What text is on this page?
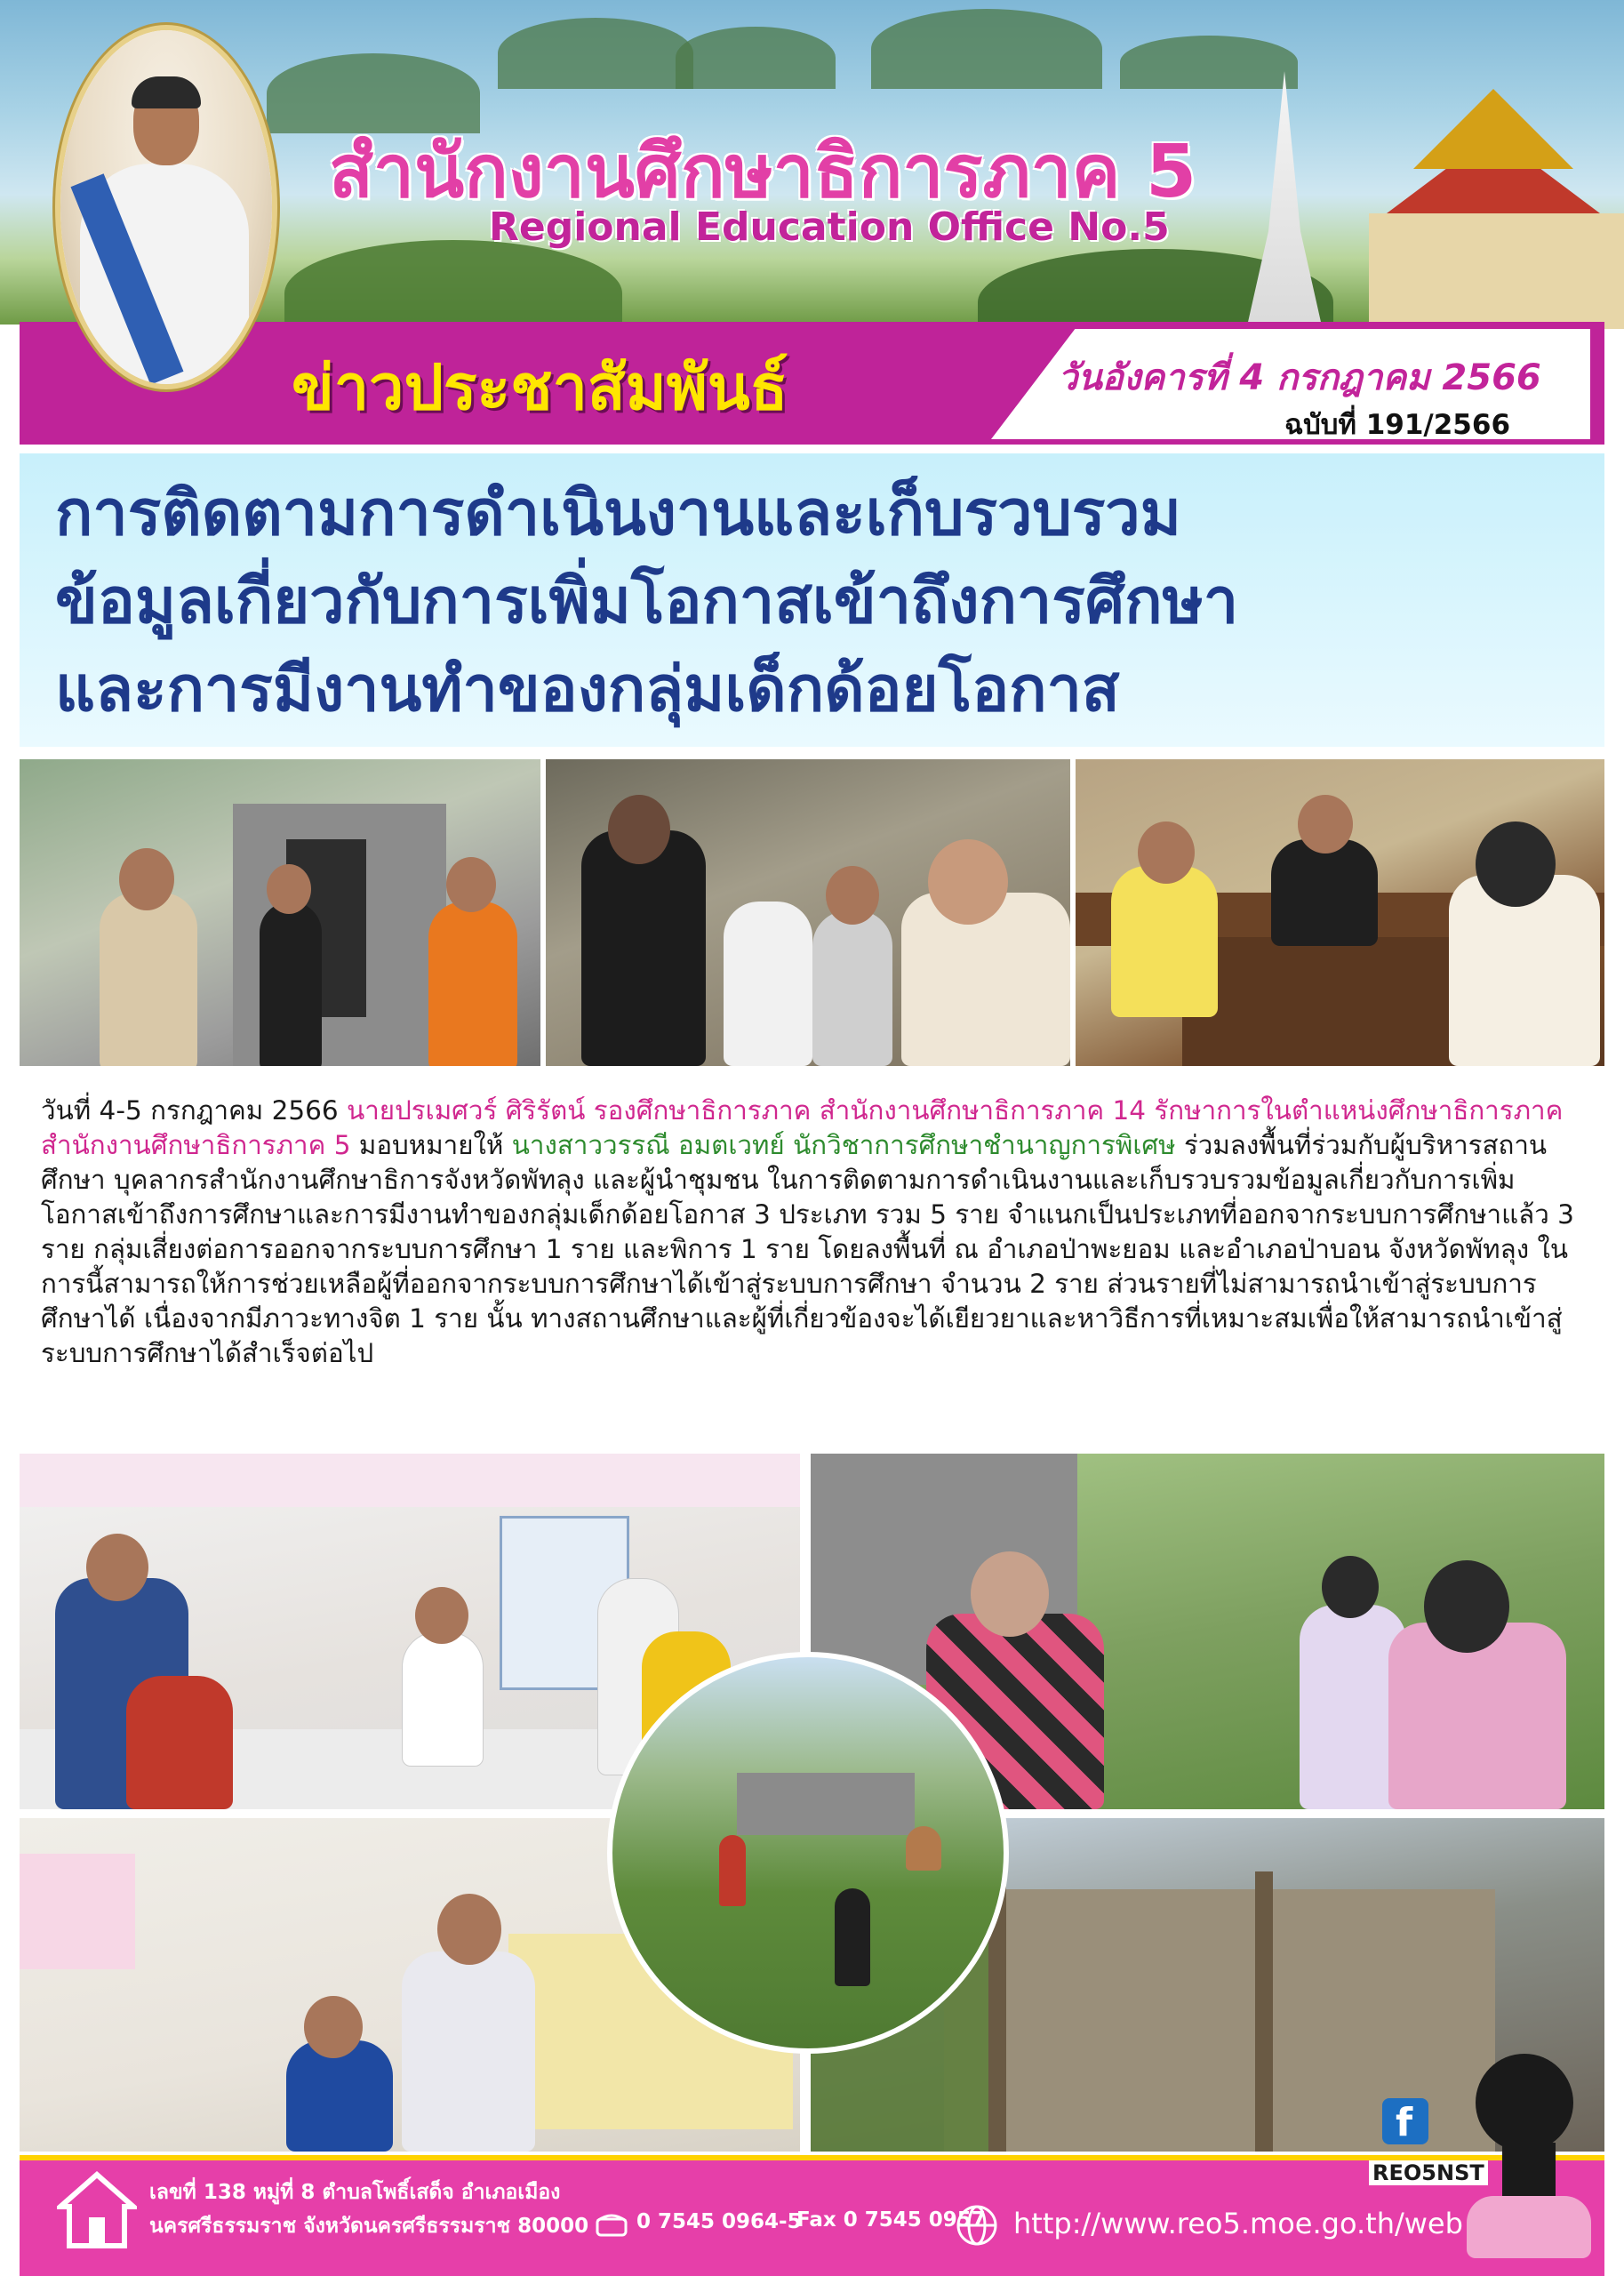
สำนักงานศึกษาธิการภาค 5
Regional Education Office No.5
ข่าวประชาสัมพันธ์	วันอังคารที่ 4 กรกฎาคม 2566
ฉบับที่ 191/2566
การติดตามการดำเนินงานและเก็บรวบรวม
ข้อมูลเกี่ยวกับการเพิ่มโอกาสเข้าถึงการศึกษา
และการมีงานทำของกลุ่มเด็กด้อยโอกาส

วันที่ 4-5 กรกฎาคม 2566 นายปรเมศวร์ ศิริรัตน์ รองศึกษาธิการภาค สำนักงานศึกษาธิการภาค 14 รักษาการในตำแหน่งศึกษาธิการภาค สำนักงานศึกษาธิการภาค 5 มอบหมายให้ นางสาววรรณี อมตเวทย์ นักวิชาการศึกษาชำนาญการพิเศษ ร่วมลงพื้นที่ร่วมกับผู้บริหารสถานศึกษา บุคลากรสำนักงานศึกษาธิการจังหวัดพัทลุง และผู้นำชุมชน ในการติดตามการดำเนินงานและเก็บรวบรวมข้อมูลเกี่ยวกับการเพิ่มโอกาสเข้าถึงการศึกษาและการมีงานทำของกลุ่มเด็กด้อยโอกาส 3 ประเภท รวม 5 ราย จำแนกเป็นประเภทที่ออกจากระบบการศึกษาแล้ว 3 ราย กลุ่มเสี่ยงต่อการออกจากระบบการศึกษา 1 ราย และพิการ 1 ราย โดยลงพื้นที่ ณ อำเภอป่าพะยอม และอำเภอป่าบอน จังหวัดพัทลุง ในการนี้สามารถให้การช่วยเหลือผู้ที่ออกจากระบบการศึกษาได้เข้าสู่ระบบการศึกษา จำนวน 2 ราย ส่วนรายที่ไม่สามารถนำเข้าสู่ระบบการศึกษาได้ เนื่องจากมีภาวะทางจิต 1 ราย นั้น ทางสถานศึกษาและผู้ที่เกี่ยวข้องจะได้เยียวยาและหาวิธีการที่เหมาะสมเพื่อให้สามารถนำเข้าสู่ระบบการศึกษาได้สำเร็จต่อไป

เลขที่ 138 หมู่ที่ 8 ตำบลโพธิ์เสด็จ อำเภอเมือง
นครศรีธรรมราช จังหวัดนครศรีธรรมราช 80000 0 7545 0964-5
Fax 0 7545 0957 http://www.reo5.moe.go.th/web
f
REO5NST
